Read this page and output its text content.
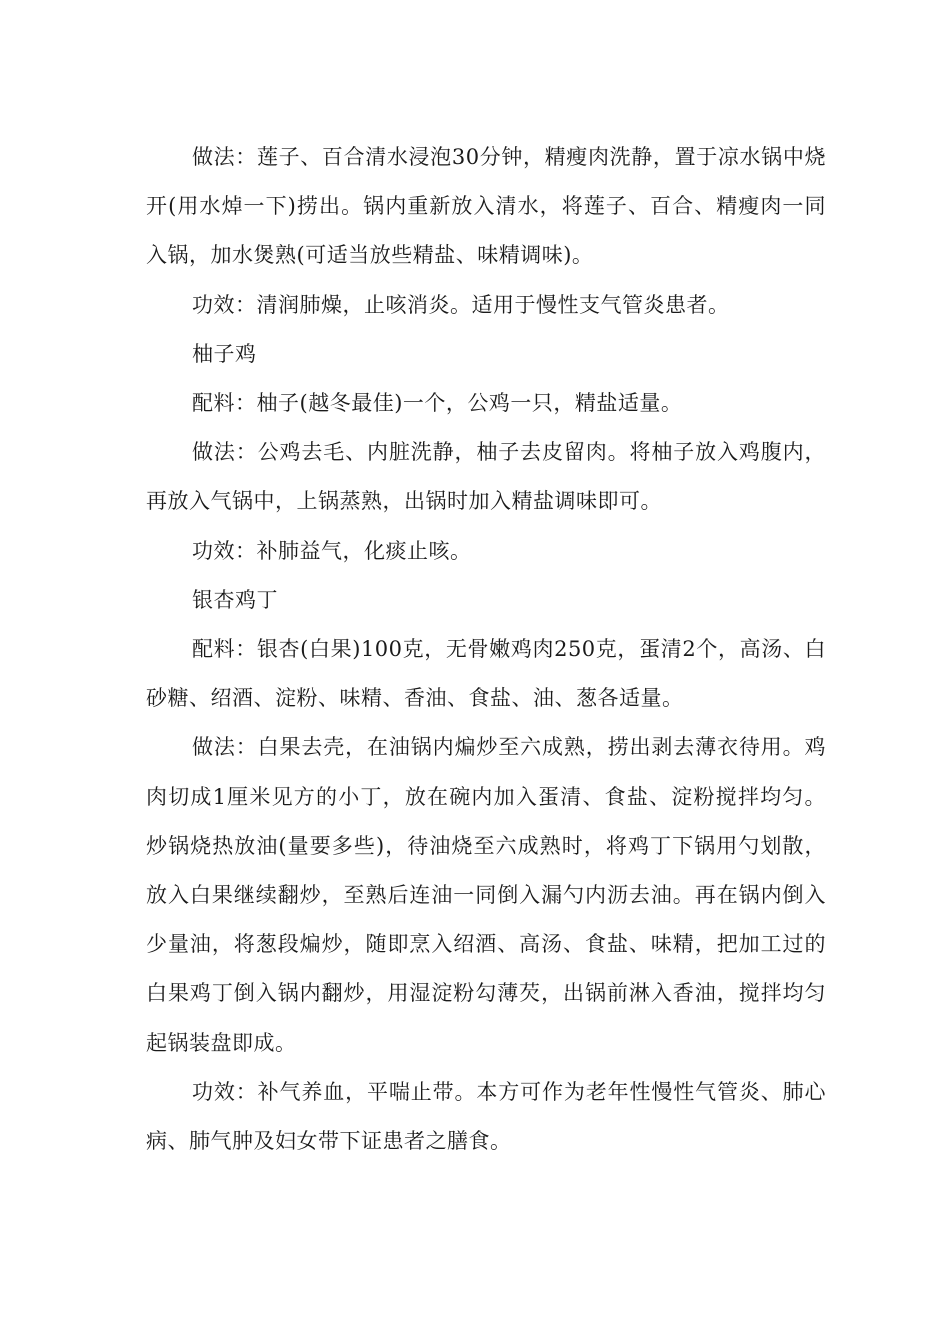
做法：莲子、百合清水浸泡30分钟，精瘦肉洗静，置于凉水锅中烧开(用水焯一下)捞出。锅内重新放入清水，将莲子、百合、精瘦肉一同入锅，加水煲熟(可适当放些精盐、味精调味)。

功效：清润肺燥，止咳消炎。适用于慢性支气管炎患者。

柚子鸡

配料：柚子(越冬最佳)一个，公鸡一只，精盐适量。

做法：公鸡去毛、内脏洗静，柚子去皮留肉。将柚子放入鸡腹内，再放入气锅中，上锅蒸熟，出锅时加入精盐调味即可。

功效：补肺益气，化痰止咳。

银杏鸡丁

配料：银杏(白果)100克，无骨嫩鸡肉250克，蛋清2个，高汤、白砂糖、绍酒、淀粉、味精、香油、食盐、油、葱各适量。

做法：白果去壳，在油锅内煸炒至六成熟，捞出剥去薄衣待用。鸡肉切成1厘米见方的小丁，放在碗内加入蛋清、食盐、淀粉搅拌均匀。炒锅烧热放油(量要多些)，待油烧至六成熟时，将鸡丁下锅用勺划散，放入白果继续翻炒，至熟后连油一同倒入漏勺内沥去油。再在锅内倒入少量油，将葱段煸炒，随即烹入绍酒、高汤、食盐、味精，把加工过的白果鸡丁倒入锅内翻炒，用湿淀粉勾薄芡，出锅前淋入香油，搅拌均匀起锅装盘即成。

功效：补气养血，平喘止带。本方可作为老年性慢性气管炎、肺心病、肺气肿及妇女带下证患者之膳食。
